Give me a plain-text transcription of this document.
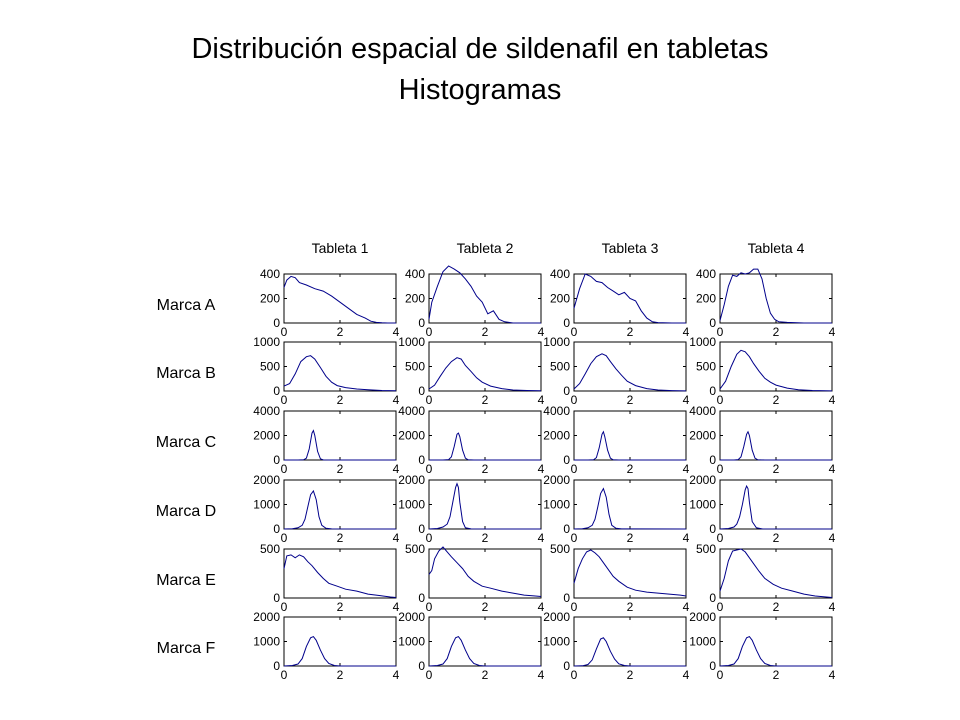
Distribución espacial de sildenafil en tabletas
Histogramas
Tableta 1	Tableta 2	Tableta 3	Tableta 4
Marca A
Marca B
Marca C
Marca D
Marca E
Marca F
0	2	4
0
200
400
0	2	4
0
200
400
0	2	4
0
200
400
0	2	4
0
200
400
0	2	4
0
500
1000
0	2	4
0
500
1000
0	2	4
0
500
1000
0	2	4
0
500
1000
0	2	4
0
2000
4000
0	2	4
0
2000
4000
0	2	4
0
2000
4000
0	2	4
0
2000
4000
0	2	4
0
1000
2000
0	2	4
0
1000
2000
0	2	4
0
1000
2000
0	2	4
0
1000
2000
0	2	4
0
500
0	2	4
0
500
0	2	4
0
500
0	2	4
0
500
0	2	4
0
1000
2000
0	2	4
0
1000
2000
0	2	4
0
1000
2000
0	2	4
0
1000
2000
